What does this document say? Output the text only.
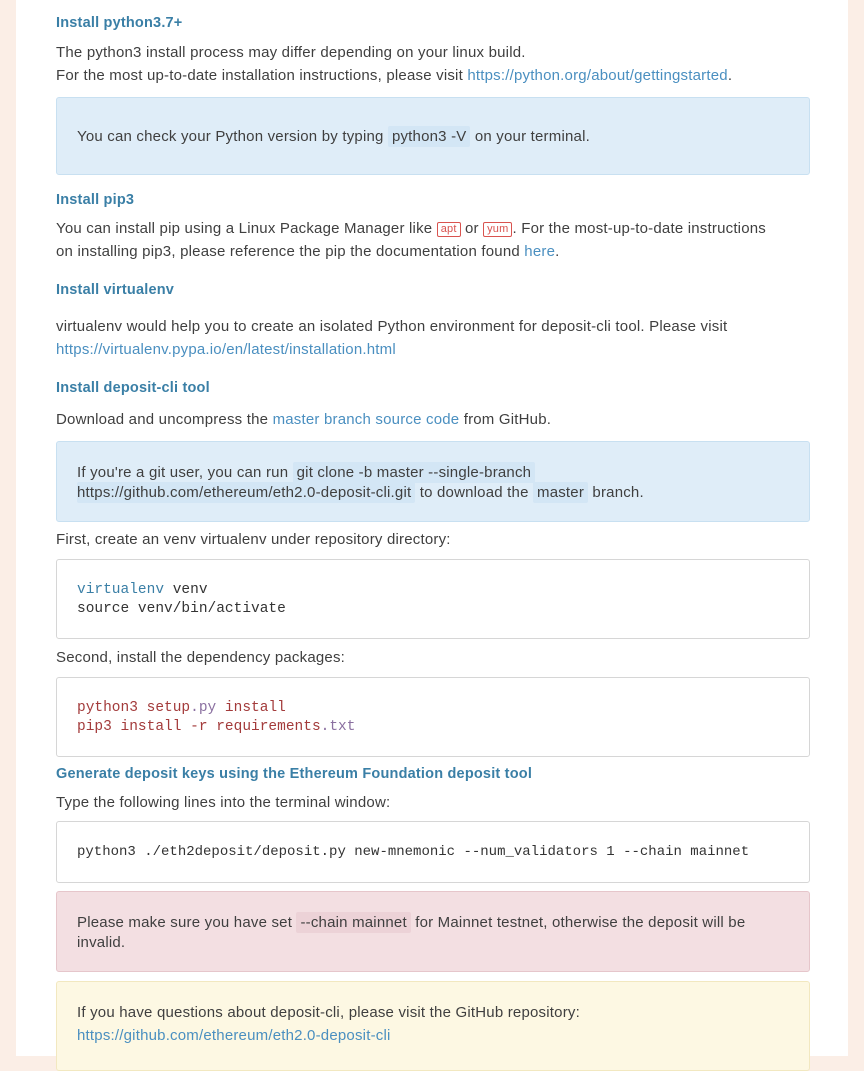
Install python3.7+
The python3 install process may differ depending on your linux build.
For the most up-to-date installation instructions, please visit https://python.org/about/gettingstarted.
You can check your Python version by typing python3 -V on your terminal.
Install pip3
You can install pip using a Linux Package Manager like apt or yum . For the most-up-to-date instructions
on installing pip3, please reference the pip the documentation found here.
Install virtualenv
virtualenv would help you to create an isolated Python environment for deposit-cli tool. Please visit
https://virtualenv.pypa.io/en/latest/installation.html
Install deposit-cli tool
Download and uncompress the master branch source code from GitHub.
If you're a git user, you can run git clone -b master --single-branch
https://github.com/ethereum/eth2.0-deposit-cli.git to download the master branch.
First, create an venv virtualenv under repository directory:
virtualenv venv
source venv/bin/activate
Second, install the dependency packages:
python3 setup.py install
pip3 install -r requirements.txt
Generate deposit keys using the Ethereum Foundation deposit tool
Type the following lines into the terminal window:
python3 ./eth2deposit/deposit.py new-mnemonic --num_validators 1 --chain mainnet
Please make sure you have set --chain mainnet for Mainnet testnet, otherwise the deposit will be
invalid.
If you have questions about deposit-cli, please visit the GitHub repository:
https://github.com/ethereum/eth2.0-deposit-cli
